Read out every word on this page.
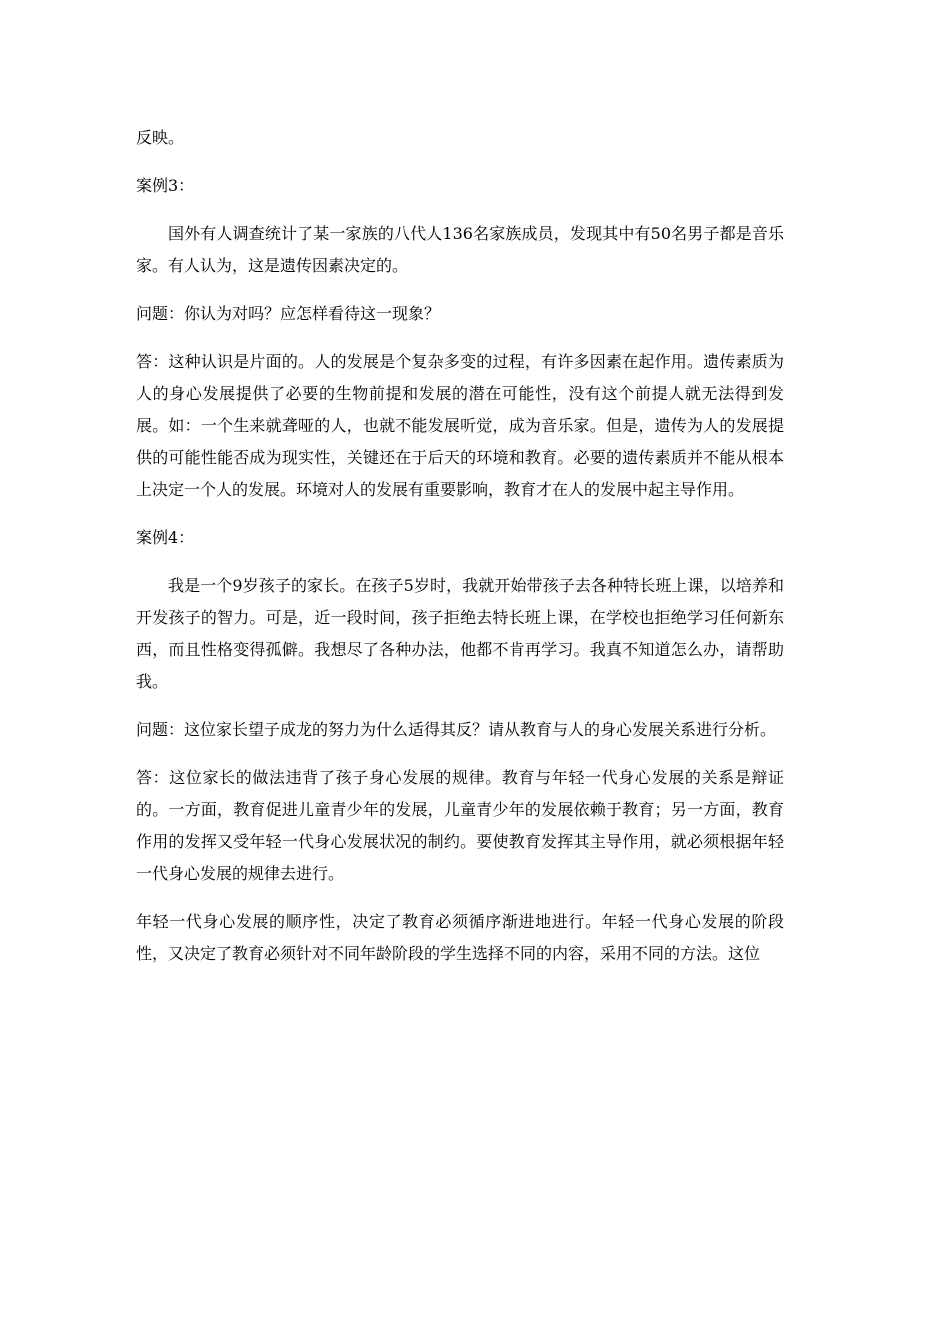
反映。

案例3：

国外有人调查统计了某一家族的八代人136名家族成员，发现其中有50名男子都是音乐家。有人认为，这是遗传因素决定的。

问题：你认为对吗？应怎样看待这一现象？

答：这种认识是片面的。人的发展是个复杂多变的过程，有许多因素在起作用。遗传素质为人的身心发展提供了必要的生物前提和发展的潜在可能性，没有这个前提人就无法得到发展。如：一个生来就聋哑的人，也就不能发展听觉，成为音乐家。但是，遗传为人的发展提供的可能性能否成为现实性，关键还在于后天的环境和教育。必要的遗传素质并不能从根本上决定一个人的发展。环境对人的发展有重要影响，教育才在人的发展中起主导作用。

案例4：

我是一个9岁孩子的家长。在孩子5岁时，我就开始带孩子去各种特长班上课，以培养和开发孩子的智力。可是，近一段时间，孩子拒绝去特长班上课，在学校也拒绝学习任何新东西，而且性格变得孤僻。我想尽了各种办法，他都不肯再学习。我真不知道怎么办，请帮助我。

问题：这位家长望子成龙的努力为什么适得其反？请从教育与人的身心发展关系进行分析。

答：这位家长的做法违背了孩子身心发展的规律。教育与年轻一代身心发展的关系是辩证的。一方面，教育促进儿童青少年的发展，儿童青少年的发展依赖于教育；另一方面，教育作用的发挥又受年轻一代身心发展状况的制约。要使教育发挥其主导作用，就必须根据年轻一代身心发展的规律去进行。

年轻一代身心发展的顺序性，决定了教育必须循序渐进地进行。年轻一代身心发展的阶段性，又决定了教育必须针对不同年龄阶段的学生选择不同的内容，采用不同的方法。这位
